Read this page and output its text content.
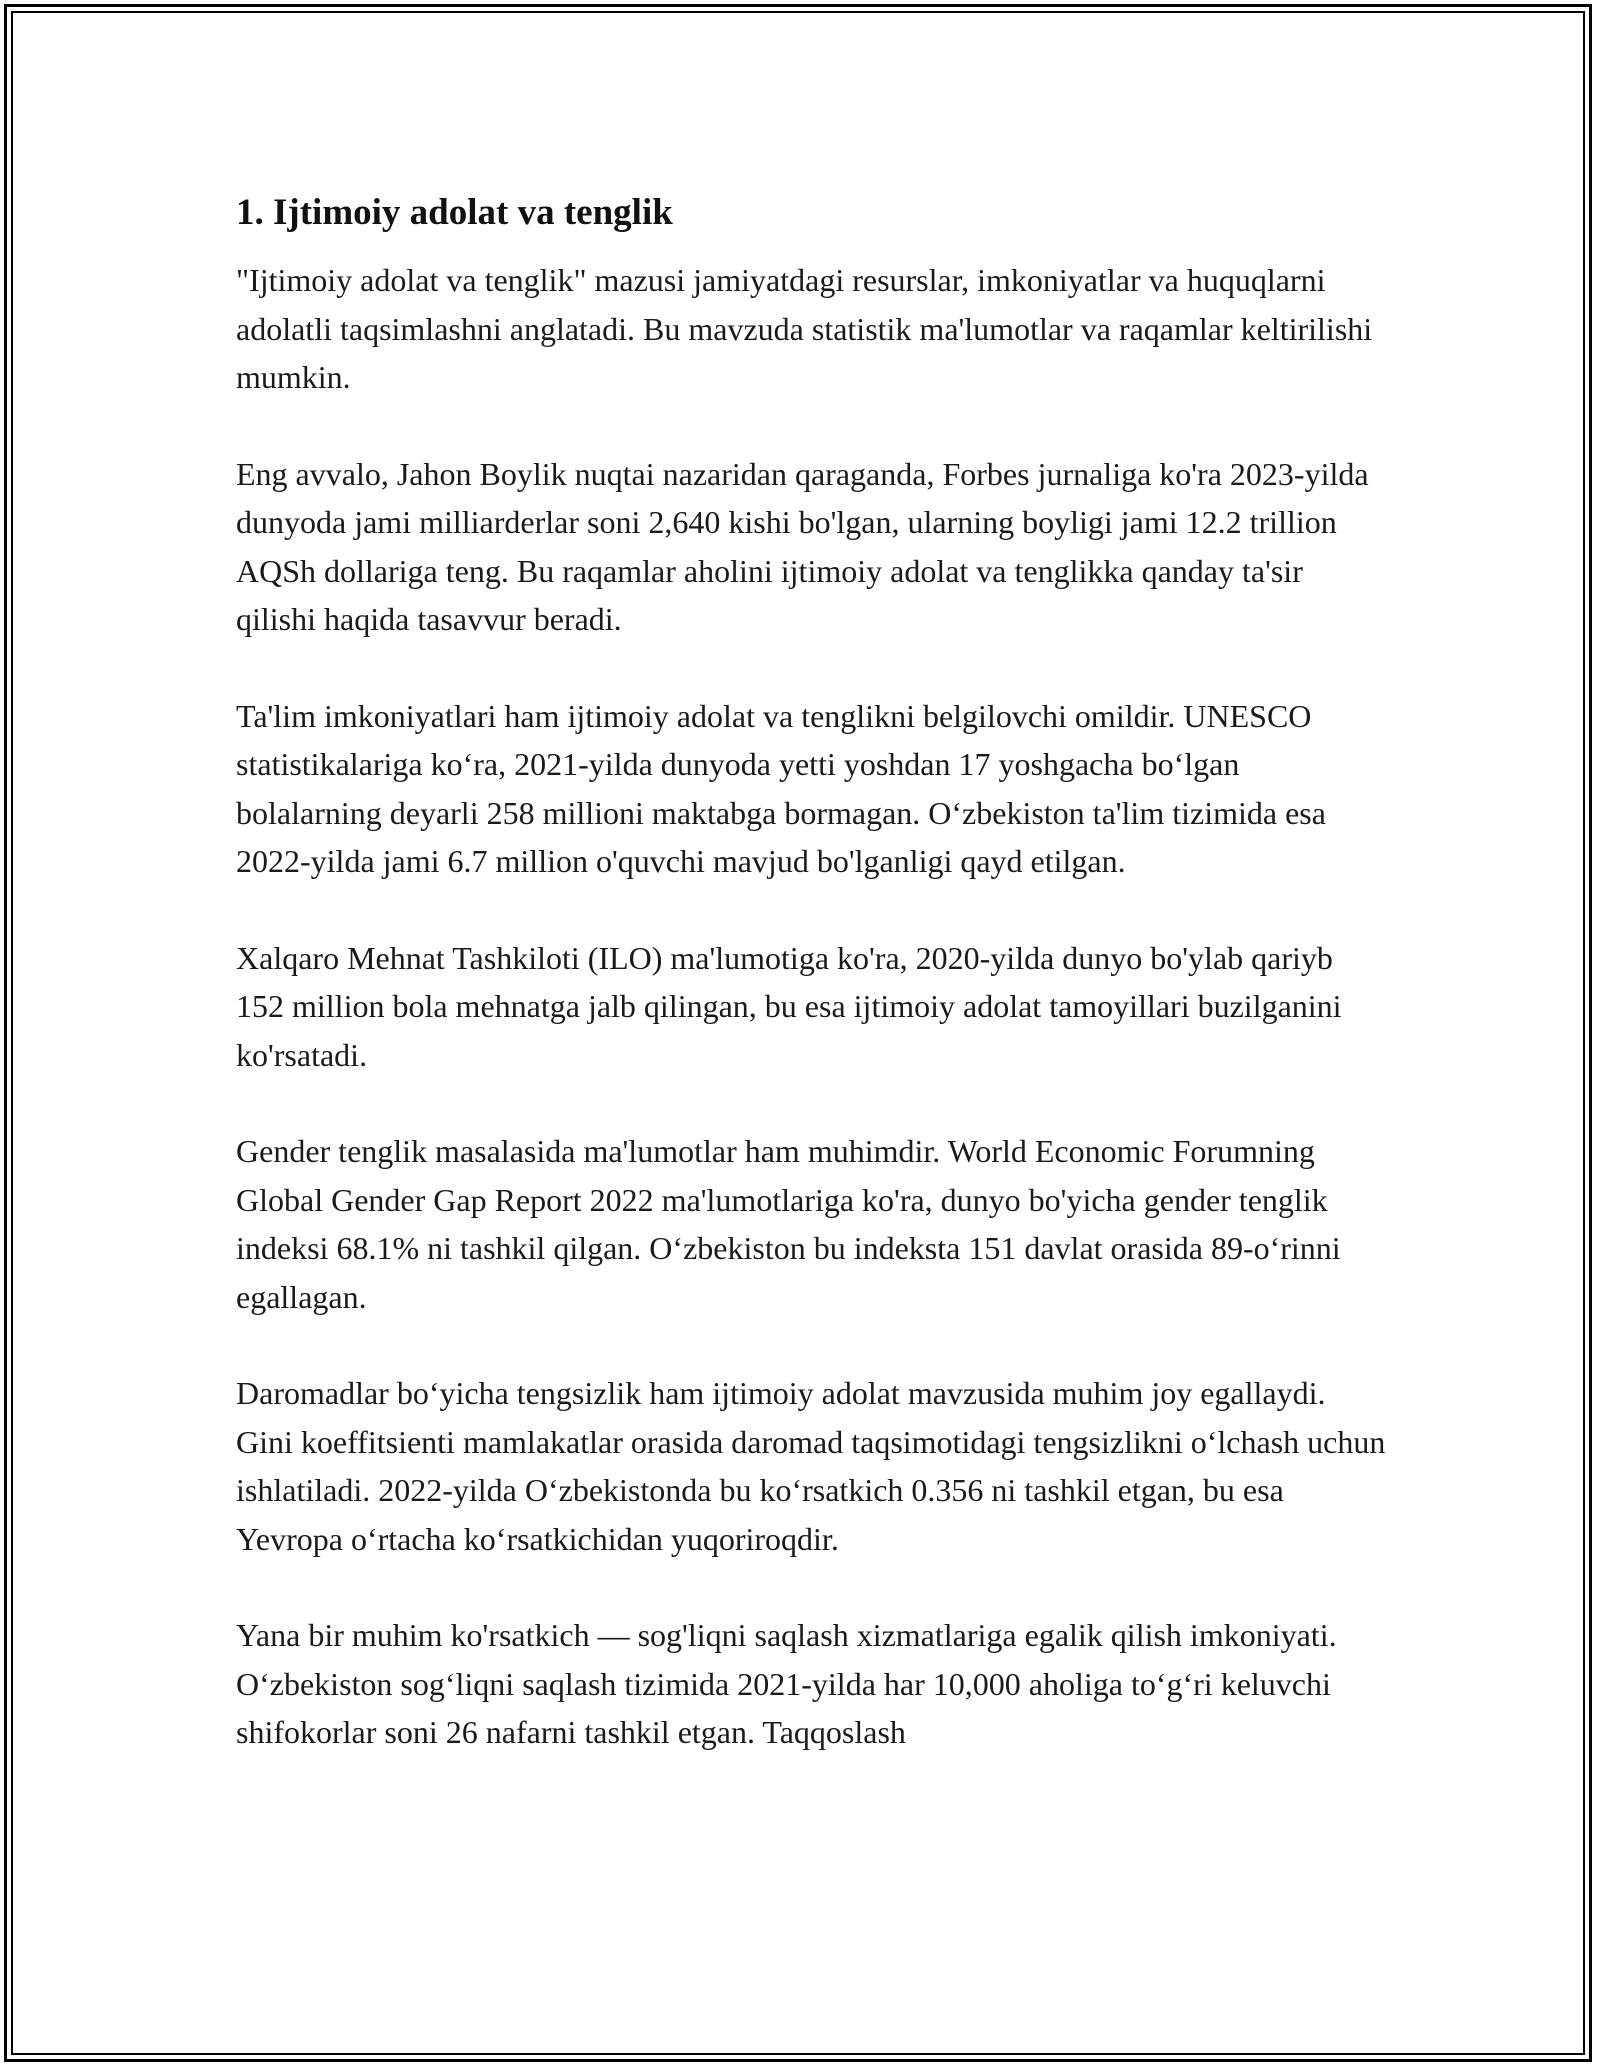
1. Ijtimoiy adolat va tenglik

"Ijtimoiy adolat va tenglik" mazusi jamiyatdagi resurslar, imkoniyatlar va huquqlarni adolatli taqsimlashni anglatadi. Bu mavzuda statistik ma'lumotlar va raqamlar keltirilishi mumkin.

Eng avvalo, Jahon Boylik nuqtai nazaridan qaraganda, Forbes jurnaliga ko'ra 2023-yilda dunyoda jami milliarderlar soni 2,640 kishi bo'lgan, ularning boyligi jami 12.2 trillion AQSh dollariga teng. Bu raqamlar aholini ijtimoiy adolat va tenglikka qanday ta'sir qilishi haqida tasavvur beradi.

Ta'lim imkoniyatlari ham ijtimoiy adolat va tenglikni belgilovchi omildir. UNESCO statistikalariga ko‘ra, 2021-yilda dunyoda yetti yoshdan 17 yoshgacha bo‘lgan bolalarning deyarli 258 millioni maktabga bormagan. O‘zbekiston ta'lim tizimida esa 2022-yilda jami 6.7 million o'quvchi mavjud bo'lganligi qayd etilgan.

Xalqaro Mehnat Tashkiloti (ILO) ma'lumotiga ko'ra, 2020-yilda dunyo bo'ylab qariyb 152 million bola mehnatga jalb qilingan, bu esa ijtimoiy adolat tamoyillari buzilganini ko'rsatadi.

Gender tenglik masalasida ma'lumotlar ham muhimdir. World Economic Forumning Global Gender Gap Report 2022 ma'lumotlariga ko'ra, dunyo bo'yicha gender tenglik indeksi 68.1% ni tashkil qilgan. O‘zbekiston bu indeksta 151 davlat orasida 89-o‘rinni egallagan.

Daromadlar bo‘yicha tengsizlik ham ijtimoiy adolat mavzusida muhim joy egallaydi. Gini koeffitsienti mamlakatlar orasida daromad taqsimotidagi tengsizlikni o‘lchash uchun ishlatiladi. 2022-yilda O‘zbekistonda bu ko‘rsatkich 0.356 ni tashkil etgan, bu esa Yevropa o‘rtacha ko‘rsatkichidan yuqoriroqdir.

Yana bir muhim ko'rsatkich — sog'liqni saqlash xizmatlariga egalik qilish imkoniyati. O‘zbekiston sog‘liqni saqlash tizimida 2021-yilda har 10,000 aholiga to‘g‘ri keluvchi shifokorlar soni 26 nafarni tashkil etgan. Taqqoslash
